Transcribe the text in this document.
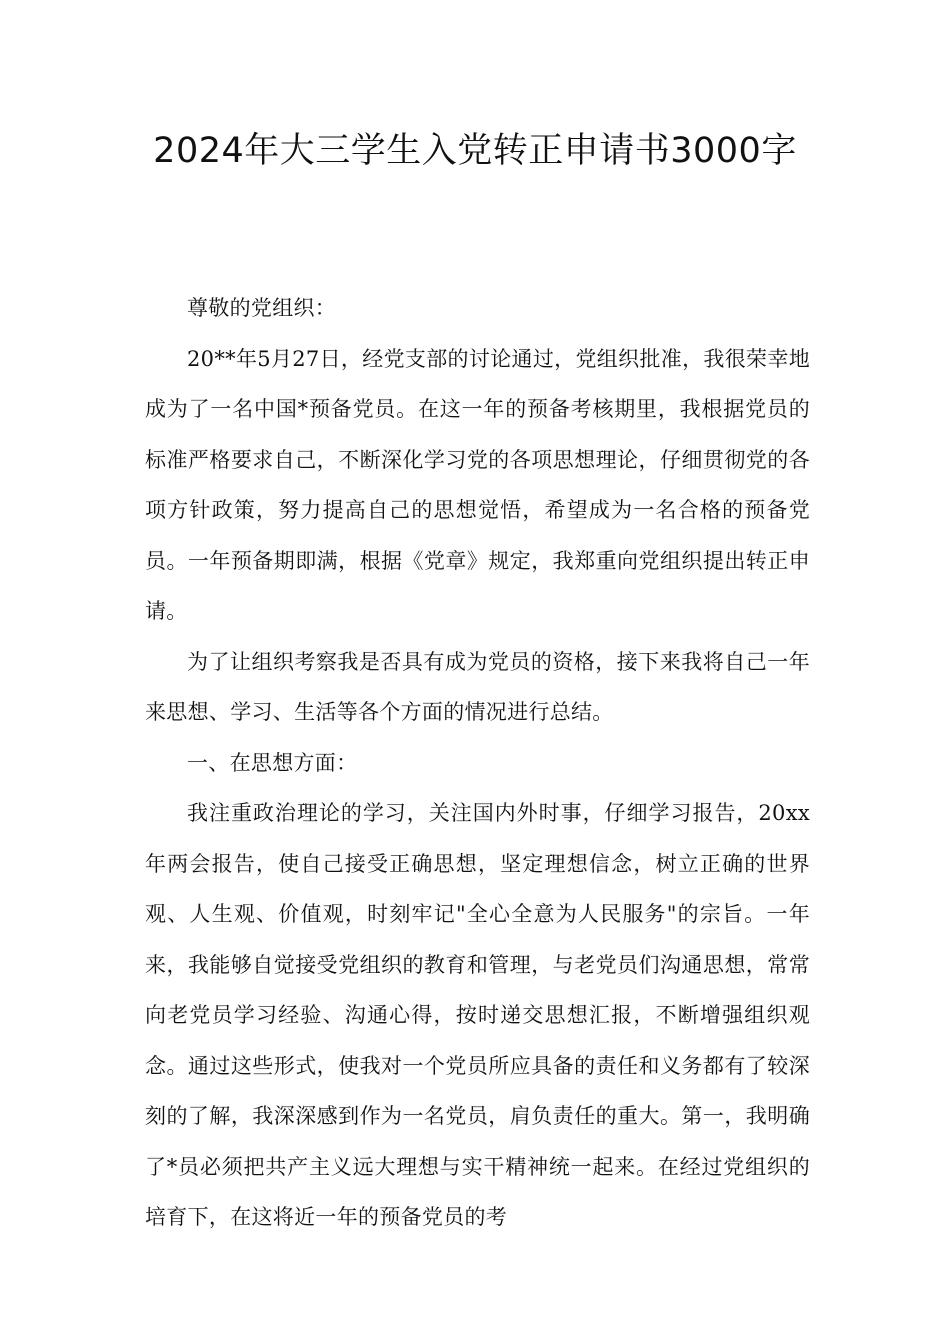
2024年大三学生入党转正申请书3000字

尊敬的党组织：

20**年5月27日，经党支部的讨论通过，党组织批准，我很荣幸地成为了一名中国*预备党员。在这一年的预备考核期里，我根据党员的标准严格要求自己，不断深化学习党的各项思想理论，仔细贯彻党的各项方针政策，努力提高自己的思想觉悟，希望成为一名合格的预备党员。一年预备期即满，根据《党章》规定，我郑重向党组织提出转正申请。

为了让组织考察我是否具有成为党员的资格，接下来我将自己一年来思想、学习、生活等各个方面的情况进行总结。

一、在思想方面：

我注重政治理论的学习，关注国内外时事，仔细学习报告，20xx年两会报告，使自己接受正确思想，坚定理想信念，树立正确的世界观、人生观、价值观，时刻牢记"全心全意为人民服务"的宗旨。一年来，我能够自觉接受党组织的教育和管理，与老党员们沟通思想，常常向老党员学习经验、沟通心得，按时递交思想汇报，不断增强组织观念。通过这些形式，使我对一个党员所应具备的责任和义务都有了较深刻的了解，我深深感到作为一名党员，肩负责任的重大。第一，我明确了*员必须把共产主义远大理想与实干精神统一起来。在经过党组织的培育下，在这将近一年的预备党员的考
